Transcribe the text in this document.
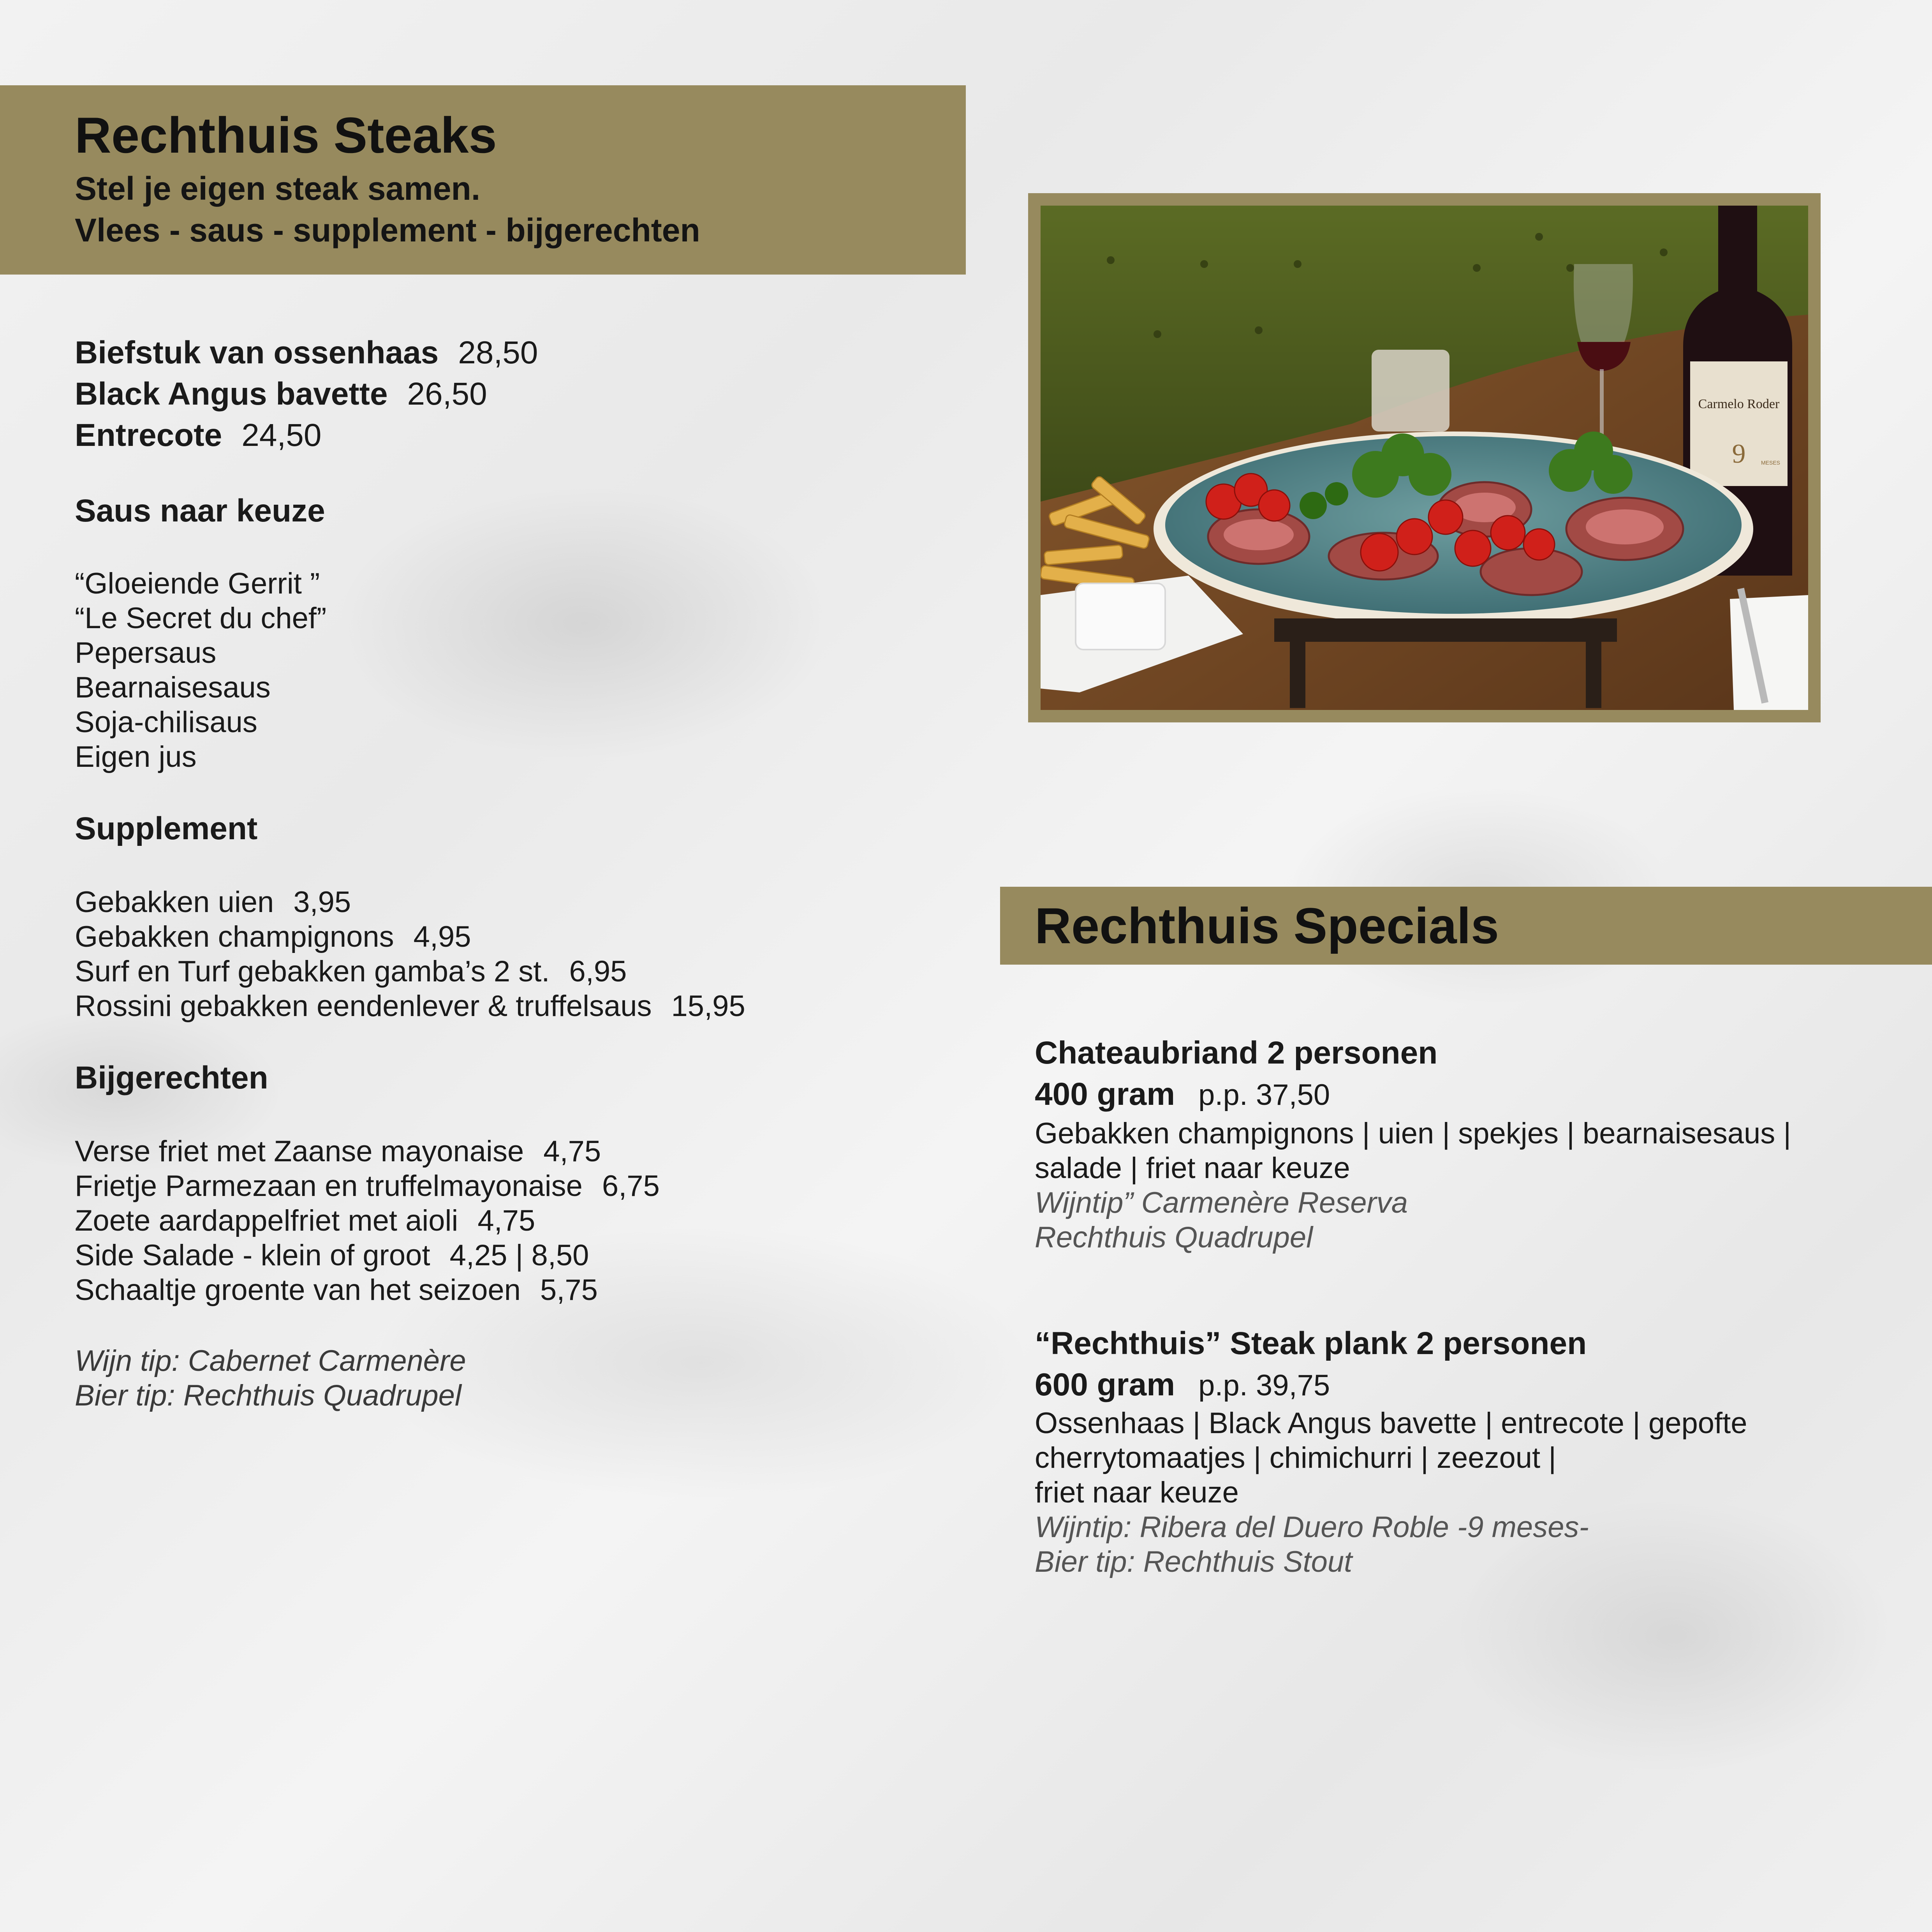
Rechthuis Steaks
Stel je eigen steak samen.
Vlees - saus - supplement - bijgerechten
Biefstuk van ossenhaas 28,50
Black Angus bavette 26,50
Entrecote 24,50
Saus naar keuze
“Gloeiende Gerrit ”
“Le Secret du chef”
Pepersaus
Bearnaisesaus
Soja-chilisaus
Eigen jus
Supplement
Gebakken uien 3,95
Gebakken champignons 4,95
Surf en Turf gebakken gamba’s 2 st. 6,95
Rossini gebakken eendenlever & truffelsaus 15,95
Bijgerechten
Verse friet met Zaanse mayonaise 4,75
Frietje Parmezaan en truffelmayonaise 6,75
Zoete aardappelfriet met aioli 4,75
Side Salade - klein of groot 4,25 | 8,50
Schaaltje groente van het seizoen 5,75
Wijn tip: Cabernet Carmenère
Bier tip: Rechthuis Quadrupel
Carmelo Roder
9	MESES
Rechthuis Specials
Chateaubriand 2 personen
400 gram p.p. 37,50
Gebakken champignons | uien | spekjes | bearnaisesaus |
salade | friet naar keuze
Wijntip” Carmenère Reserva
Rechthuis Quadrupel
“Rechthuis” Steak plank 2 personen
600 gram p.p. 39,75
Ossenhaas | Black Angus bavette | entrecote | gepofte
cherrytomaatjes | chimichurri | zeezout |
friet naar keuze
Wijntip: Ribera del Duero Roble -9 meses-
Bier tip: Rechthuis Stout
